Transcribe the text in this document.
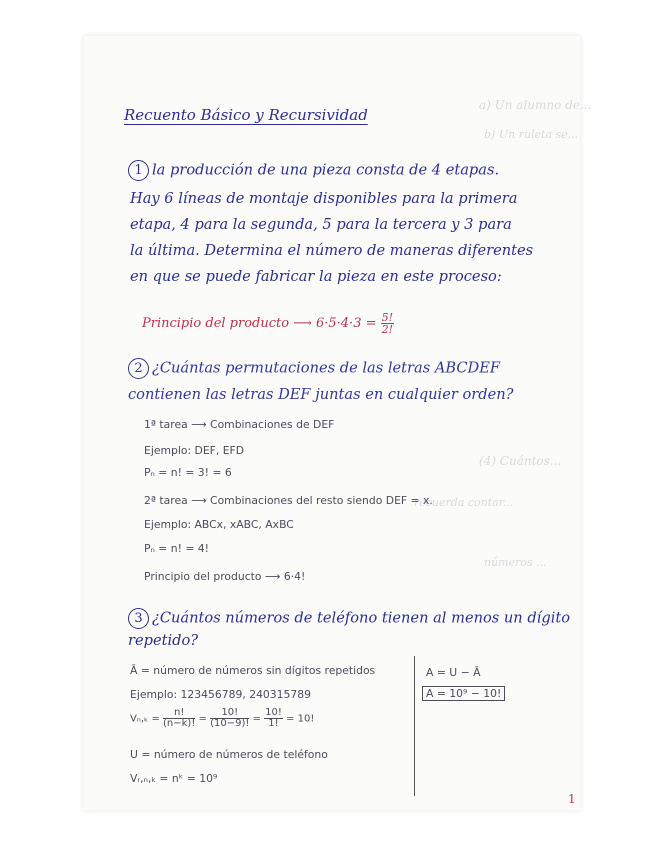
a) Un alumno de...
b) Un ruleta se...
recuerda contar...
(4) Cuántos...
números ...
Recuento Básico y Recursividad
1 la producción de una pieza consta de 4 etapas.
Hay 6 líneas de montaje disponibles para la primera
etapa, 4 para la segunda, 5 para la tercera y 3 para
la última. Determina el número de maneras diferentes
en que se puede fabricar la pieza en este proceso:
Principio del producto ⟶ $6\cdot 5\cdot 4\cdot 3 = \frac{5!}{2!}$
2 ¿Cuántas permutaciones de las letras ABCDEF
contienen las letras DEF juntas en cualquier orden?
1ª tarea ⟶ Combinaciones de DEF
Ejemplo: DEF, EFD
Pₙ = n! = 3! = 6
2ª tarea ⟶ Combinaciones del resto siendo DEF = x.
Ejemplo: ABCx, xABC, AxBC
Pₙ = n! = 4!
Principio del producto ⟶ 6·4!
3 ¿Cuántos números de teléfono tienen al menos un dígito
repetido?
Ā = número de números sin dígitos repetidos
Ejemplo: 123456789, 240315789
$V_n,_k = \frac{n!}{(n-k)!} = \frac{10!}{(10-9)!} = \frac{10!}{1!} = 10$!
U = número de números de teléfono
Vᵣ,ₙ,ₖ = nᵏ = 10⁹
A = U − Ā
A = 10⁹ − 10!
1
